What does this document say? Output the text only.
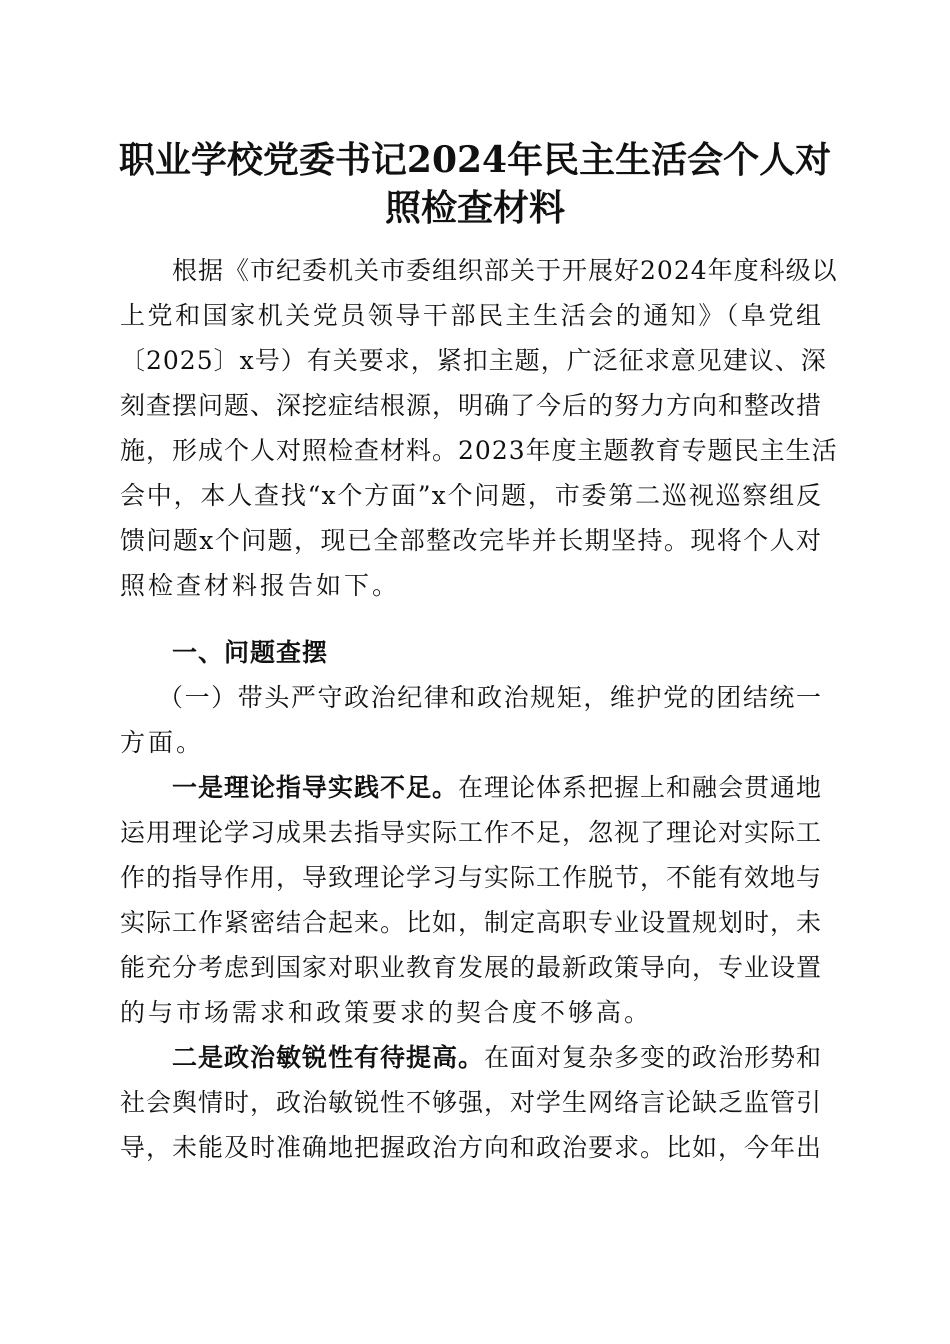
职业学校党委书记2024年民主生活会个人对
照检查材料
根据《市纪委机关市委组织部关于开展好2024年度科级以
上党和国家机关党员领导干部民主生活会的通知》（阜党组
〔2025〕x号）有关要求，紧扣主题，广泛征求意见建议、深
刻查摆问题、深挖症结根源，明确了今后的努力方向和整改措
施，形成个人对照检查材料。2023年度主题教育专题民主生活
会中，本人查找“x个方面”x个问题，市委第二巡视巡察组反
馈问题x个问题，现已全部整改完毕并长期坚持。现将个人对
照检查材料报告如下。
一、问题查摆
（一）带头严守政治纪律和政治规矩，维护党的团结统一
方面。
一是理论指导实践不足。在理论体系把握上和融会贯通地
运用理论学习成果去指导实际工作不足，忽视了理论对实际工
作的指导作用，导致理论学习与实际工作脱节，不能有效地与
实际工作紧密结合起来。比如，制定高职专业设置规划时，未
能充分考虑到国家对职业教育发展的最新政策导向，专业设置
的与市场需求和政策要求的契合度不够高。
二是政治敏锐性有待提高。在面对复杂多变的政治形势和
社会舆情时，政治敏锐性不够强，对学生网络言论缺乏监管引
导，未能及时准确地把握政治方向和政治要求。比如，今年出
